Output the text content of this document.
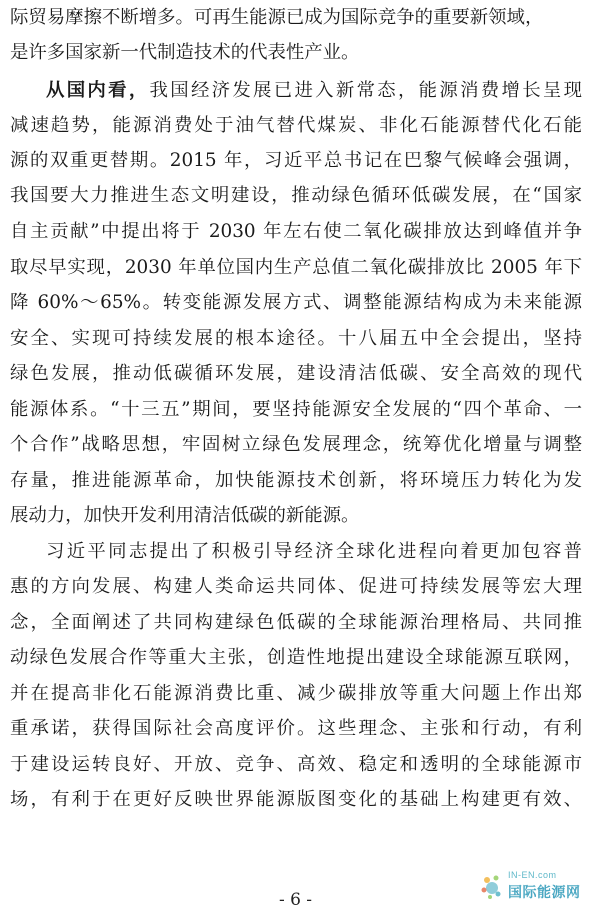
际贸易摩擦不断增多。可再生能源已成为国际竞争的重要新领域，
是许多国家新一代制造技术的代表性产业。
从国内看，我国经济发展已进入新常态，能源消费增长呈现
减速趋势，能源消费处于油气替代煤炭、非化石能源替代化石能
源的双重更替期。2015 年，习近平总书记在巴黎气候峰会强调，
我国要大力推进生态文明建设，推动绿色循环低碳发展，在“国家
自主贡献”中提出将于 2030 年左右使二氧化碳排放达到峰值并争
取尽早实现，2030 年单位国内生产总值二氧化碳排放比 2005 年下
降 60%～65%。转变能源发展方式、调整能源结构成为未来能源
安全、实现可持续发展的根本途径。十八届五中全会提出，坚持
绿色发展，推动低碳循环发展，建设清洁低碳、安全高效的现代
能源体系。“十三五”期间，要坚持能源安全发展的“四个革命、一
个合作”战略思想，牢固树立绿色发展理念，统筹优化增量与调整
存量，推进能源革命，加快能源技术创新，将环境压力转化为发
展动力，加快开发利用清洁低碳的新能源。
习近平同志提出了积极引导经济全球化进程向着更加包容普
惠的方向发展、构建人类命运共同体、促进可持续发展等宏大理
念，全面阐述了共同构建绿色低碳的全球能源治理格局、共同推
动绿色发展合作等重大主张，创造性地提出建设全球能源互联网，
并在提高非化石能源消费比重、减少碳排放等重大问题上作出郑
重承诺，获得国际社会高度评价。这些理念、主张和行动，有利
于建设运转良好、开放、竞争、高效、稳定和透明的全球能源市
场，有利于在更好反映世界能源版图变化的基础上构建更有效、
- 6 -
IN-EN.com
国际能源网
